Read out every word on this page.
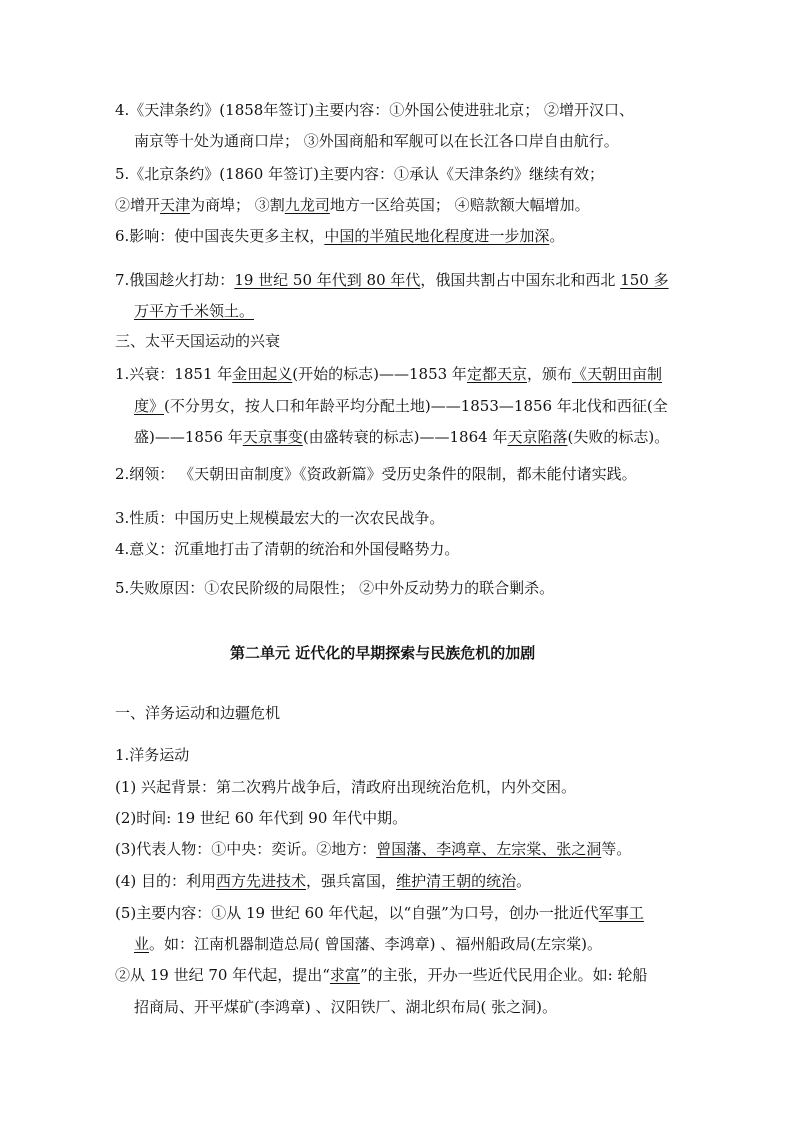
4.《天津条约》(1858年签订)主要内容：①外国公使进驻北京； ②增开汉口、
南京等十处为通商口岸； ③外国商船和军舰可以在长江各口岸自由航行。
5.《北京条约》(1860 年签订)主要内容：①承认《天津条约》继续有效；
②增开天津为商埠； ③割九龙司地方一区给英国； ④赔款额大幅增加。
6.影响：使中国丧失更多主权，中国的半殖民地化程度进一步加深。
7.俄国趁火打劫：19 世纪 50 年代到 80 年代，俄国共割占中国东北和西北 150 多
万平方千米领土。
三、太平天国运动的兴衰
1.兴衰：1851 年金田起义(开始的标志)——1853 年定都天京，颁布《天朝田亩制
度》(不分男女，按人口和年龄平均分配土地)——1853—1856 年北伐和西征(全
盛)——1856 年天京事变(由盛转衰的标志)——1864 年天京陷落(失败的标志)。
2.纲领： 《天朝田亩制度》《资政新篇》受历史条件的限制，都未能付诸实践。
3.性质：中国历史上规模最宏大的一次农民战争。
4.意义：沉重地打击了清朝的统治和外国侵略势力。
5.失败原因：①农民阶级的局限性； ②中外反动势力的联合剿杀。
第二单元 近代化的早期探索与民族危机的加剧
一、洋务运动和边疆危机
1.洋务运动
(1) 兴起背景：第二次鸦片战争后，清政府出现统治危机，内外交困。
(2)时间: 19 世纪 60 年代到 90 年代中期。
(3)代表人物：①中央：奕䜣。②地方：曾国藩、李鸿章、左宗棠、张之洞等。
(4) 目的：利用西方先进技术，强兵富国，维护清王朝的统治。
(5)主要内容：①从 19 世纪 60 年代起，以“自强”为口号，创办一批近代军事工
业。如：江南机器制造总局( 曾国藩、李鸿章) 、福州船政局(左宗棠)。
②从 19 世纪 70 年代起，提出“求富”的主张，开办一些近代民用企业。如: 轮船
招商局、开平煤矿(李鸿章) 、汉阳铁厂、湖北织布局( 张之洞)。
